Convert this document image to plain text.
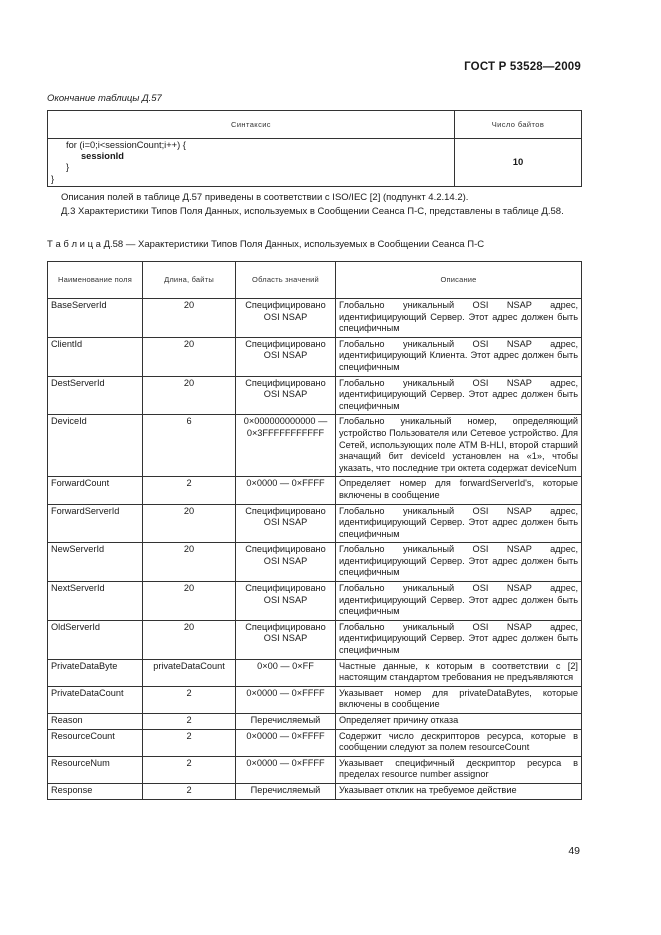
ГОСТ Р 53528—2009
Окончание таблицы Д.57
Синтаксис	Число байтов

for (i=0;i<sessionCount;i++) {
sessionId
}
}	10
Описания полей в таблице Д.57 приведены в соответствии с ISO/IEC [2] (подпункт 4.2.14.2).
Д.3 Характеристики Типов Поля Данных, используемых в Сообщении Сеанса П-С, представлены в таблице Д.58.
Т а б л и ц а Д.58 — Характеристики Типов Поля Данных, используемых в Сообщении Сеанса П-С
Наименование поля	Длина, байты	Область значений	Описание
BaseServerId	20	Специфицировано OSI NSAP	Глобально уникальный OSI NSAP адрес, идентифицирующий Сервер. Этот адрес должен быть специфичным
ClientId	20	Специфицировано OSI NSAP	Глобально уникальный OSI NSAP адрес, идентифицирующий Клиента. Этот адрес должен быть специфичным
DestServerId	20	Специфицировано OSI NSAP	Глобально уникальный OSI NSAP адрес, идентифицирующий Сервер. Этот адрес должен быть специфичным
DeviceId	6	0×000000000000 — 0×3FFFFFFFFFFF	Глобально уникальный номер, определяющий устройство Пользователя или Сетевое устройство. Для Сетей, использующих поле ATM B-HLI, второй старший значащий бит deviceId установлен на «1», чтобы указать, что последние три октета содержат deviceNum
ForwardCount	2	0×0000 — 0×FFFF	Определяет номер для forwardServerId's, которые включены в сообщение
ForwardServerId	20	Специфицировано OSI NSAP	Глобально уникальный OSI NSAP адрес, идентифицирующий Сервер. Этот адрес должен быть специфичным
NewServerId	20	Специфицировано OSI NSAP	Глобально уникальный OSI NSAP адрес, идентифицирующий Сервер. Этот адрес должен быть специфичным
NextServerId	20	Специфицировано OSI NSAP	Глобально уникальный OSI NSAP адрес, идентифицирующий Сервер. Этот адрес должен быть специфичным
OldServerId	20	Специфицировано OSI NSAP	Глобально уникальный OSI NSAP адрес, идентифицирующий Сервер. Этот адрес должен быть специфичным
PrivateDataByte	privateDataCount	0×00 — 0×FF	Частные данные, к которым в соответствии с [2] настоящим стандартом требования не предъявляются
PrivateDataCount	2	0×0000 — 0×FFFF	Указывает номер для privateDataBytes, которые включены в сообщение
Reason	2	Перечисляемый	Определяет причину отказа
ResourceCount	2	0×0000 — 0×FFFF	Содержит число дескрипторов ресурса, которые в сообщении следуют за полем resourceCount
ResourceNum	2	0×0000 — 0×FFFF	Указывает специфичный дескриптор ресурса в пределах resource number assignor
Response	2	Перечисляемый	Указывает отклик на требуемое действие
49
